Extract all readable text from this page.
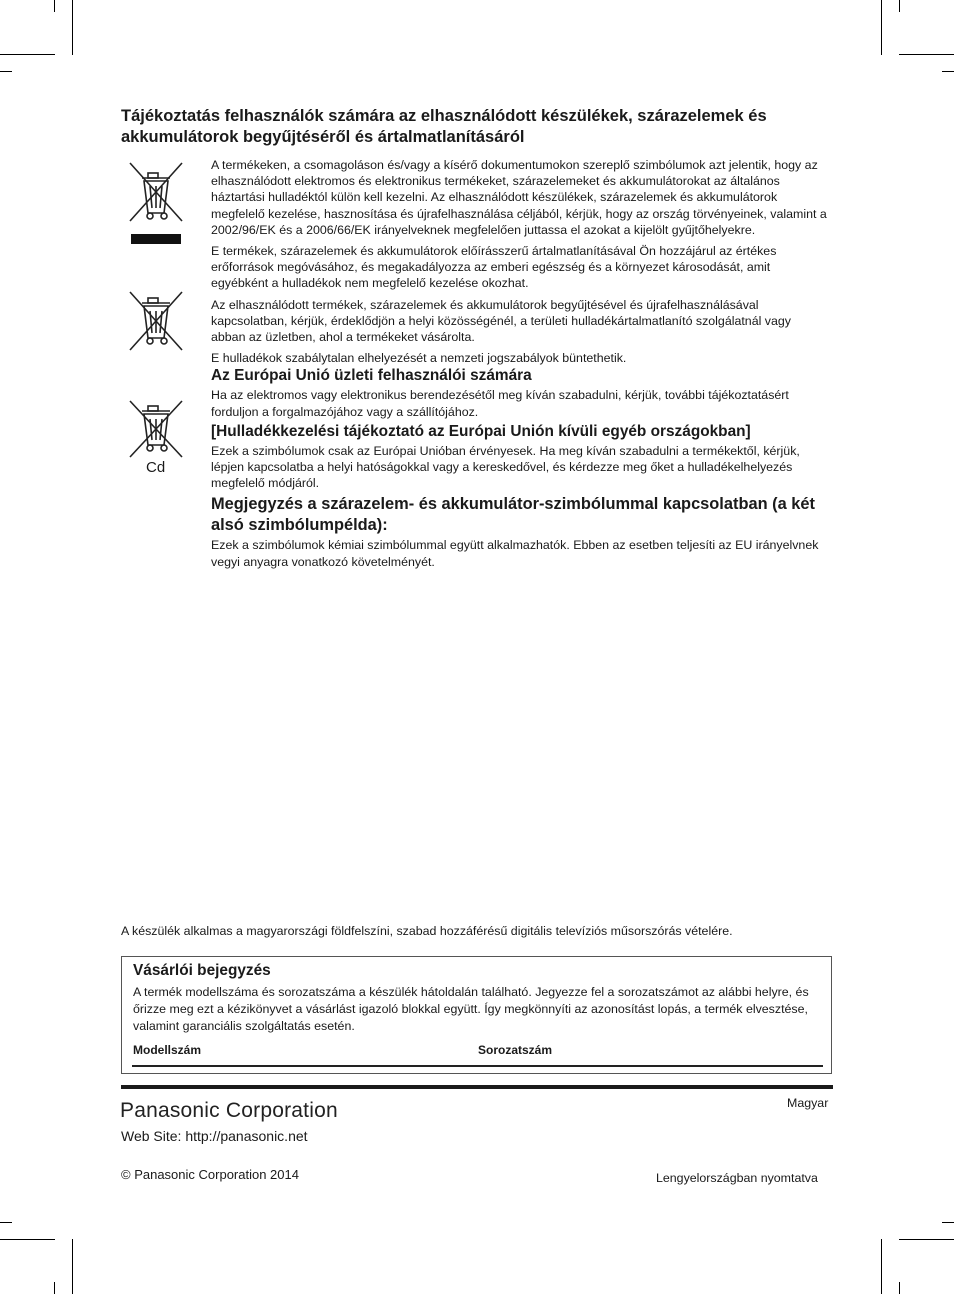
Tájékoztatás felhasználók számára az elhasználódott készülékek, szárazelemek és akkumulátorok begyűjtéséről és ártalmatlanításáról
Cd

A termékeken, a csomagoláson és/vagy a kísérő dokumentumokon szereplő szimbólumok azt jelentik, hogy az elhasználódott elektromos és elektronikus termékeket, szárazelemeket és akkumulátorokat az általános háztartási hulladéktól külön kell kezelni. Az elhasználódott készülékek, szárazelemek és akkumulátorok megfelelő kezelése, hasznosítása és újrafelhasználása céljából, kérjük, hogy az ország törvényeinek, valamint a 2002/96/EK és a 2006/66/EK irányelveknek megfelelően juttassa el azokat a kijelölt gyűjtőhelyekre.

E termékek, szárazelemek és akkumulátorok előírásszerű ártalmatlanításával Ön hozzájárul az értékes erőforrások megóvásához, és megakadályozza az emberi egészség és a környezet károsodását, amit egyébként a hulladékok nem megfelelő kezelése okozhat.

Az elhasználódott termékek, szárazelemek és akkumulátorok begyűjtésével és újrafelhasználásával kapcsolatban, kérjük, érdeklődjön a helyi közösségénél, a területi hulladékártalmatlanító szolgálatnál vagy abban az üzletben, ahol a termékeket vásárolta.

E hulladékok szabálytalan elhelyezését a nemzeti jogszabályok büntethetik.

Az Európai Unió üzleti felhasználói számára

Ha az elektromos vagy elektronikus berendezésétől meg kíván szabadulni, kérjük, további tájékoztatásért forduljon a forgalmazójához vagy a szállítójához.

[Hulladékkezelési tájékoztató az Európai Unión kívüli egyéb országokban]

Ezek a szimbólumok csak az Európai Unióban érvényesek. Ha meg kíván szabadulni a termékektől, kérjük, lépjen kapcsolatba a helyi hatóságokkal vagy a kereskedővel, és kérdezze meg őket a hulladékelhelyezés megfelelő módjáról.

Megjegyzés a szárazelem- és akkumulátor-szimbólummal kapcsolatban (a két alsó szimbólumpélda):

Ezek a szimbólumok kémiai szimbólummal együtt alkalmazhatók. Ebben az esetben teljesíti az EU irányelvnek vegyi anyagra vonatkozó követelményét.

A készülék alkalmas a magyarországi földfelszíni, szabad hozzáférésű digitális televíziós műsorszórás vételére.
Vásárlói bejegyzés
A termék modellszáma és sorozatszáma a készülék hátoldalán található. Jegyezze fel a sorozatszámot az alábbi helyre, és őrizze meg ezt a kézikönyvet a vásárlást igazoló blokkal együtt. Így megkönnyíti az azonosítást lopás, a termék elvesztése, valamint garanciális szolgáltatás esetén.
Modellszám	Sorozatszám
Panasonic Corporation	Magyar
Web Site: http://panasonic.net
© Panasonic Corporation 2014	Lengyelországban nyomtatva
